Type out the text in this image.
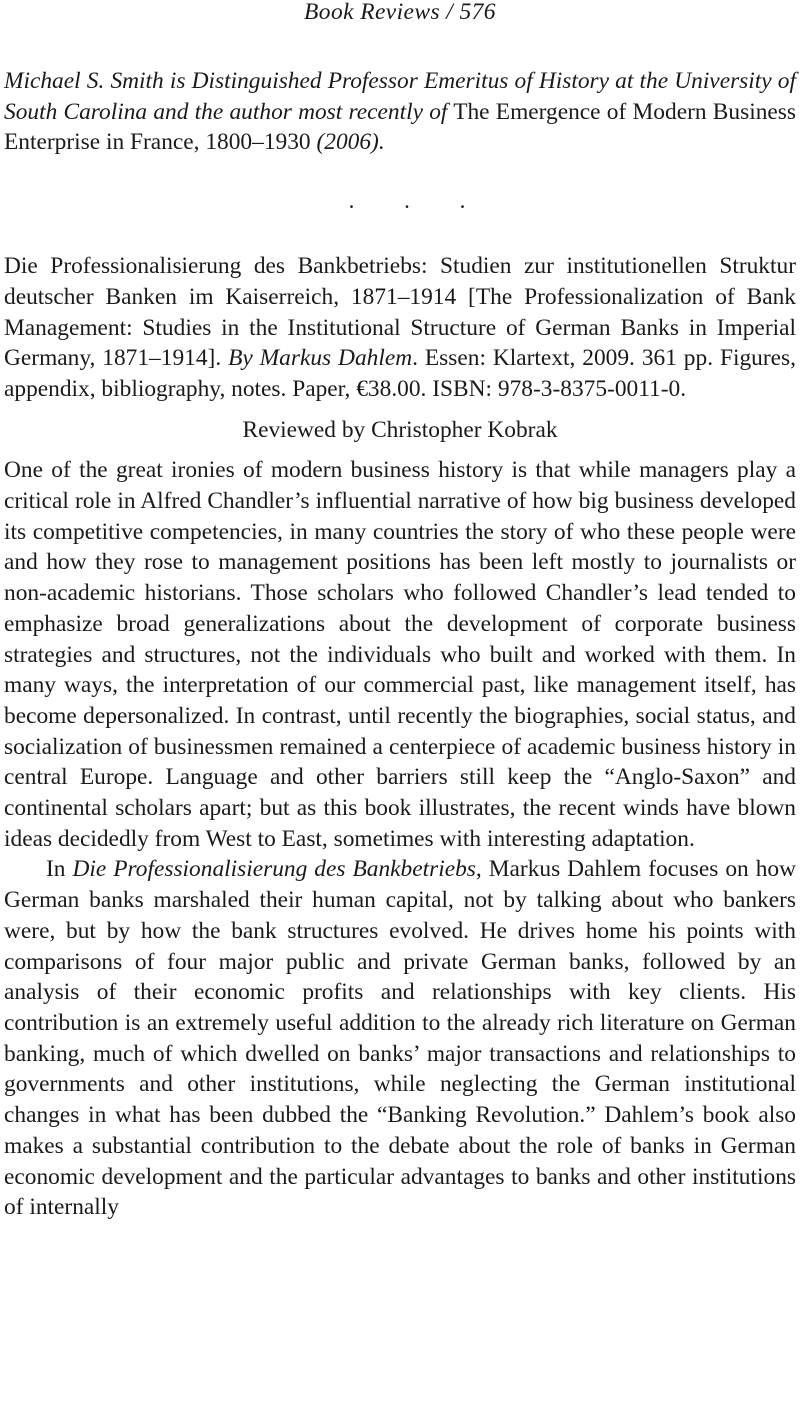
Book Reviews / 576
Michael S. Smith is Distinguished Professor Emeritus of History at the University of South Carolina and the author most recently of The Emergence of Modern Business Enterprise in France, 1800–1930 (2006).
. . .
Die Professionalisierung des Bankbetriebs: Studien zur institutionellen Struktur deutscher Banken im Kaiserreich, 1871–1914 [The Professionalization of Bank Management: Studies in the Institutional Structure of German Banks in Imperial Germany, 1871–1914]. By Markus Dahlem. Essen: Klartext, 2009. 361 pp. Figures, appendix, bibliography, notes. Paper, €38.00. ISBN: 978-3-8375-0011-0.
Reviewed by Christopher Kobrak
One of the great ironies of modern business history is that while managers play a critical role in Alfred Chandler’s influential narrative of how big business developed its competitive competencies, in many countries the story of who these people were and how they rose to management positions has been left mostly to journalists or non-academic historians. Those scholars who followed Chandler’s lead tended to emphasize broad generalizations about the development of corporate business strategies and structures, not the individuals who built and worked with them. In many ways, the interpretation of our commercial past, like management itself, has become depersonalized. In contrast, until recently the biographies, social status, and socialization of businessmen remained a centerpiece of academic business history in central Europe. Language and other barriers still keep the “Anglo-Saxon” and continental scholars apart; but as this book illustrates, the recent winds have blown ideas decidedly from West to East, sometimes with interesting adaptation.
In Die Professionalisierung des Bankbetriebs, Markus Dahlem focuses on how German banks marshaled their human capital, not by talking about who bankers were, but by how the bank structures evolved. He drives home his points with comparisons of four major public and private German banks, followed by an analysis of their economic profits and relationships with key clients. His contribution is an extremely useful addition to the already rich literature on German banking, much of which dwelled on banks’ major transactions and relationships to governments and other institutions, while neglecting the German institutional changes in what has been dubbed the “Banking Revolution.” Dahlem’s book also makes a substantial contribution to the debate about the role of banks in German economic development and the particular advantages to banks and other institutions of internally
